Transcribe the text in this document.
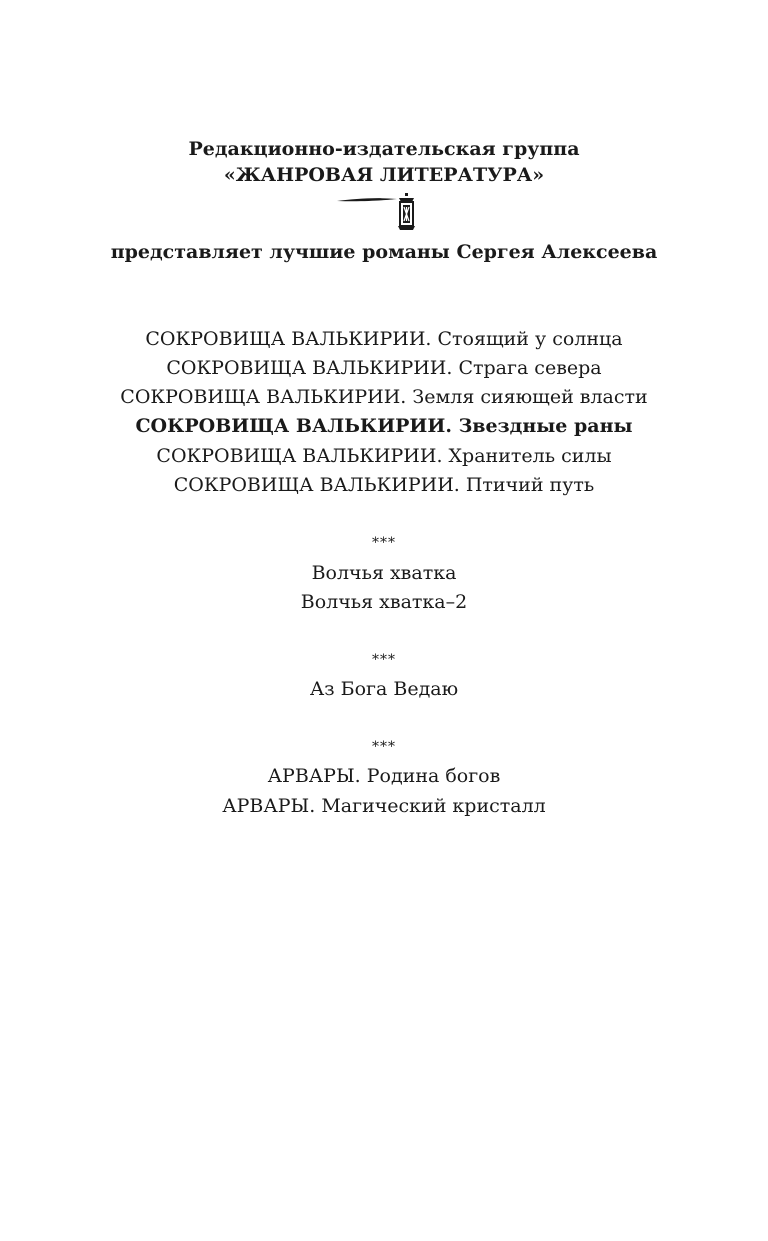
Редакционно-издательская группа
«ЖАНРОВАЯ ЛИТЕРАТУРА»
представляет лучшие романы Сергея Алексеева
СОКРОВИЩА ВАЛЬКИРИИ. Стоящий у солнца
СОКРОВИЩА ВАЛЬКИРИИ. Страга севера
СОКРОВИЩА ВАЛЬКИРИИ. Земля сияющей власти
СОКРОВИЩА ВАЛЬКИРИИ. Звездные раны
СОКРОВИЩА ВАЛЬКИРИИ. Хранитель силы
СОКРОВИЩА ВАЛЬКИРИИ. Птичий путь
***
Волчья хватка
Волчья хватка–2
***
Аз Бога Ведаю
***
АРВАРЫ. Родина богов
АРВАРЫ. Магический кристалл
